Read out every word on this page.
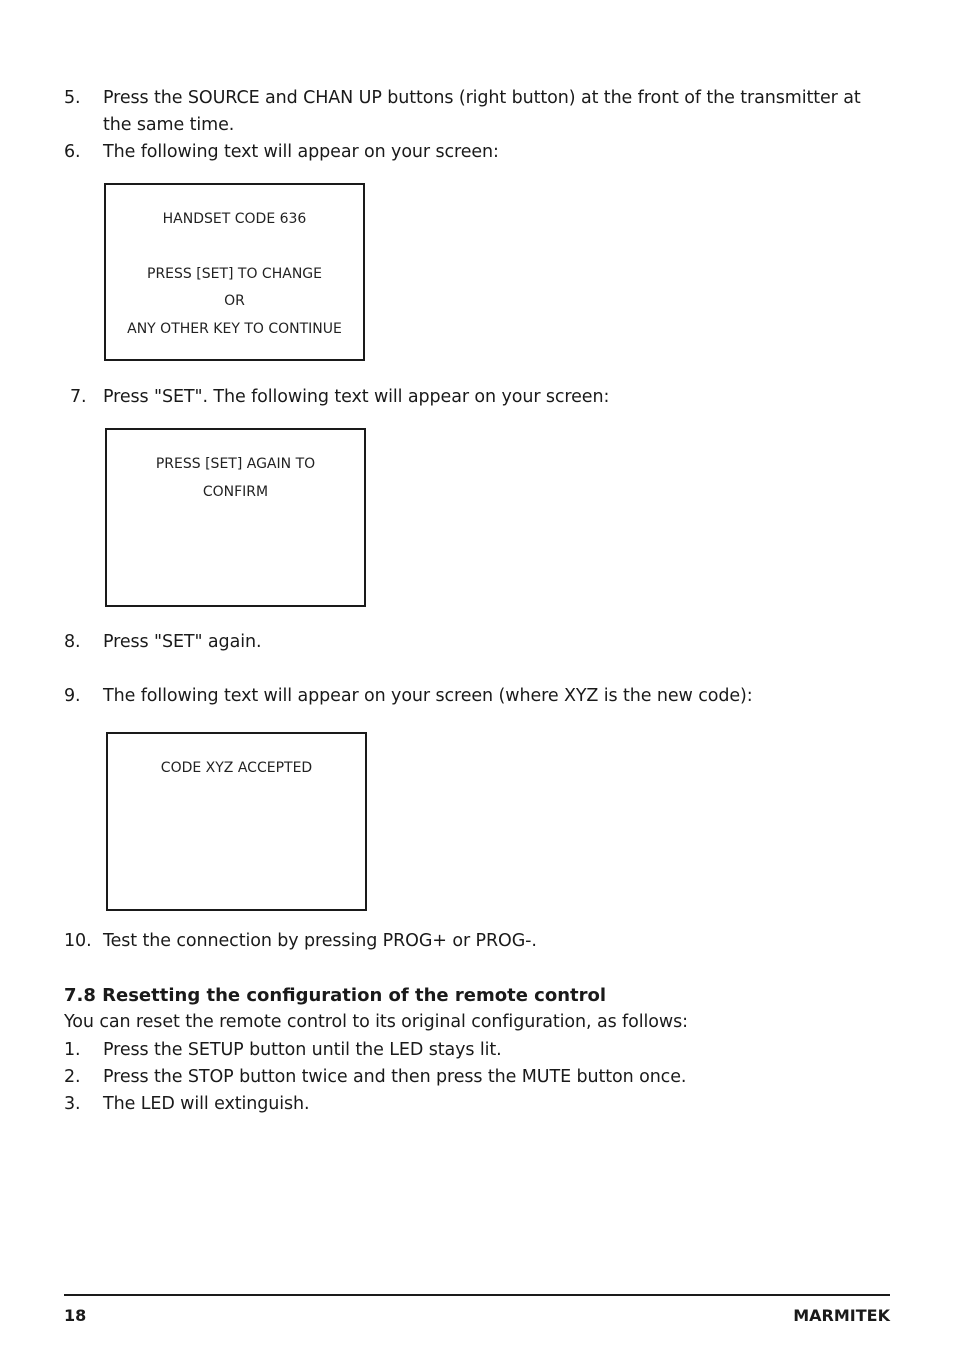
5. Press the SOURCE and CHAN UP buttons (right button) at the front of the transmitter at
the same time.
6. The following text will appear on your screen:
HANDSET CODE 636
PRESS [SET] TO CHANGE
OR
ANY OTHER KEY TO CONTINUE
7. Press "SET". The following text will appear on your screen:
PRESS [SET] AGAIN TO
CONFIRM
8. Press "SET" again.
9. The following text will appear on your screen (where XYZ is the new code):
CODE XYZ ACCEPTED
10. Test the connection by pressing PROG+ or PROG-.
7.8 Resetting the configuration of the remote control
You can reset the remote control to its original configuration, as follows:
1. Press the SETUP button until the LED stays lit.
2. Press the STOP button twice and then press the MUTE button once.
3. The LED will extinguish.
18	MARMITEK
